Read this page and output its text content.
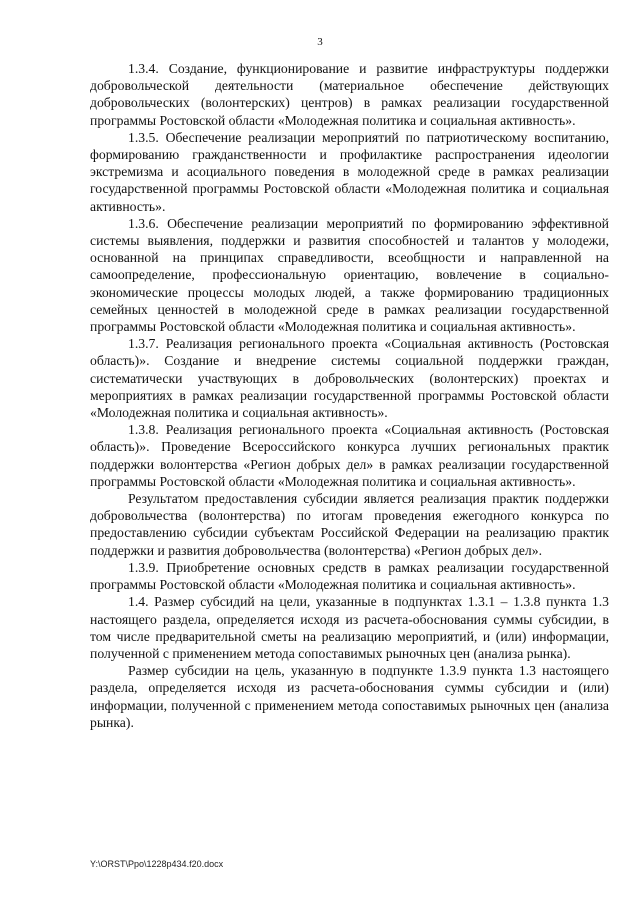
3

1.3.4. Создание, функционирование и развитие инфраструктуры поддержки добровольческой деятельности (материальное обеспечение действующих добровольческих (волонтерских) центров) в рамках реализации государственной программы Ростовской области «Молодежная политика и социальная активность».

1.3.5. Обеспечение реализации мероприятий по патриотическому воспитанию, формированию гражданственности и профилактике распространения идеологии экстремизма и асоциального поведения в молодежной среде в рамках реализации государственной программы Ростовской области «Молодежная политика и социальная активность».

1.3.6. Обеспечение реализации мероприятий по формированию эффективной системы выявления, поддержки и развития способностей и талантов у молодежи, основанной на принципах справедливости, всеобщности и направленной на самоопределение, профессиональную ориентацию, вовлечение в социально-экономические процессы молодых людей, а также формированию традиционных семейных ценностей в молодежной среде в рамках реализации государственной программы Ростовской области «Молодежная политика и социальная активность».

1.3.7. Реализация регионального проекта «Социальная активность (Ростовская область)». Создание и внедрение системы социальной поддержки граждан, систематически участвующих в добровольческих (волонтерских) проектах и мероприятиях в рамках реализации государственной программы Ростовской области «Молодежная политика и социальная активность».

1.3.8. Реализация регионального проекта «Социальная активность (Ростовская область)». Проведение Всероссийского конкурса лучших региональных практик поддержки волонтерства «Регион добрых дел» в рамках реализации государственной программы Ростовской области «Молодежная политика и социальная активность».

Результатом предоставления субсидии является реализация практик поддержки добровольчества (волонтерства) по итогам проведения ежегодного конкурса по предоставлению субсидии субъектам Российской Федерации на реализацию практик поддержки и развития добровольчества (волонтерства) «Регион добрых дел».

1.3.9. Приобретение основных средств в рамках реализации государственной программы Ростовской области «Молодежная политика и социальная активность».

1.4. Размер субсидий на цели, указанные в подпунктах 1.3.1 – 1.3.8 пункта 1.3 настоящего раздела, определяется исходя из расчета-обоснования суммы субсидии, в том числе предварительной сметы на реализацию мероприятий, и (или) информации, полученной с применением метода сопоставимых рыночных цен (анализа рынка).

Размер субсидии на цель, указанную в подпункте 1.3.9 пункта 1.3 настоящего раздела, определяется исходя из расчета-обоснования суммы субсидии и (или) информации, полученной с применением метода сопоставимых рыночных цен (анализа рынка).

Y:\ORST\Ppo\1228p434.f20.docx
